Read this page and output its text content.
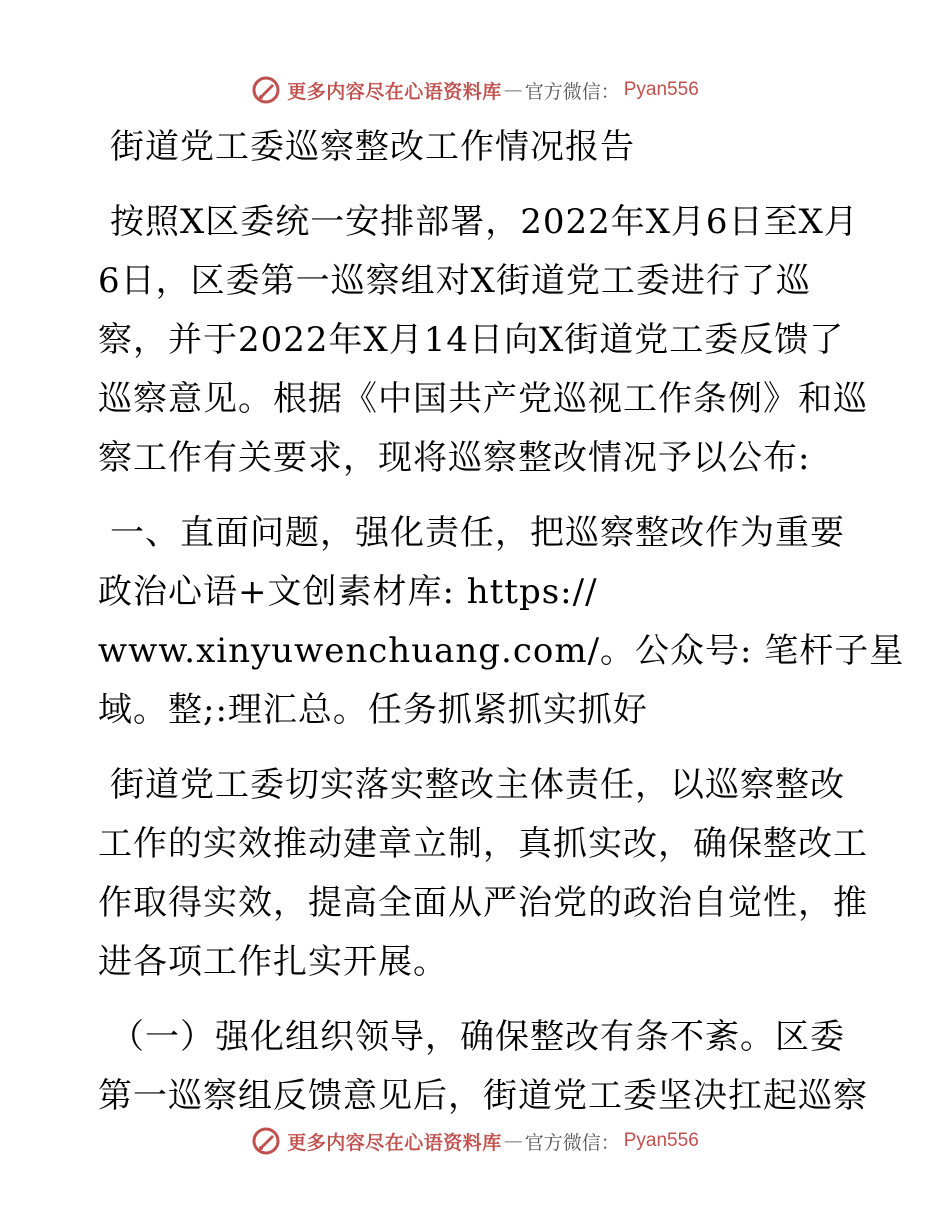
更多内容尽在心语资料库 — 官方微信： Pyan556
街道党工委巡察整改工作情况报告
按照X区委统一安排部署，2022年X月6日至X月
6日，区委第一巡察组对X街道党工委进行了巡
察，并于2022年X月14日向X街道党工委反馈了
巡察意见。根据《中国共产党巡视工作条例》和巡
察工作有关要求，现将巡察整改情况予以公布:
一、直面问题，强化责任，把巡察整改作为重要
政治心语+文创素材库: https://
www.xinyuwenchuang.com/。公众号: 笔杆子星
域。整;:理汇总。任务抓紧抓实抓好
街道党工委切实落实整改主体责任，以巡察整改
工作的实效推动建章立制，真抓实改，确保整改工
作取得实效，提高全面从严治党的政治自觉性，推
进各项工作扎实开展。
（一）强化组织领导，确保整改有条不紊。区委
第一巡察组反馈意见后，街道党工委坚决扛起巡察
更多内容尽在心语资料库 — 官方微信： Pyan556
